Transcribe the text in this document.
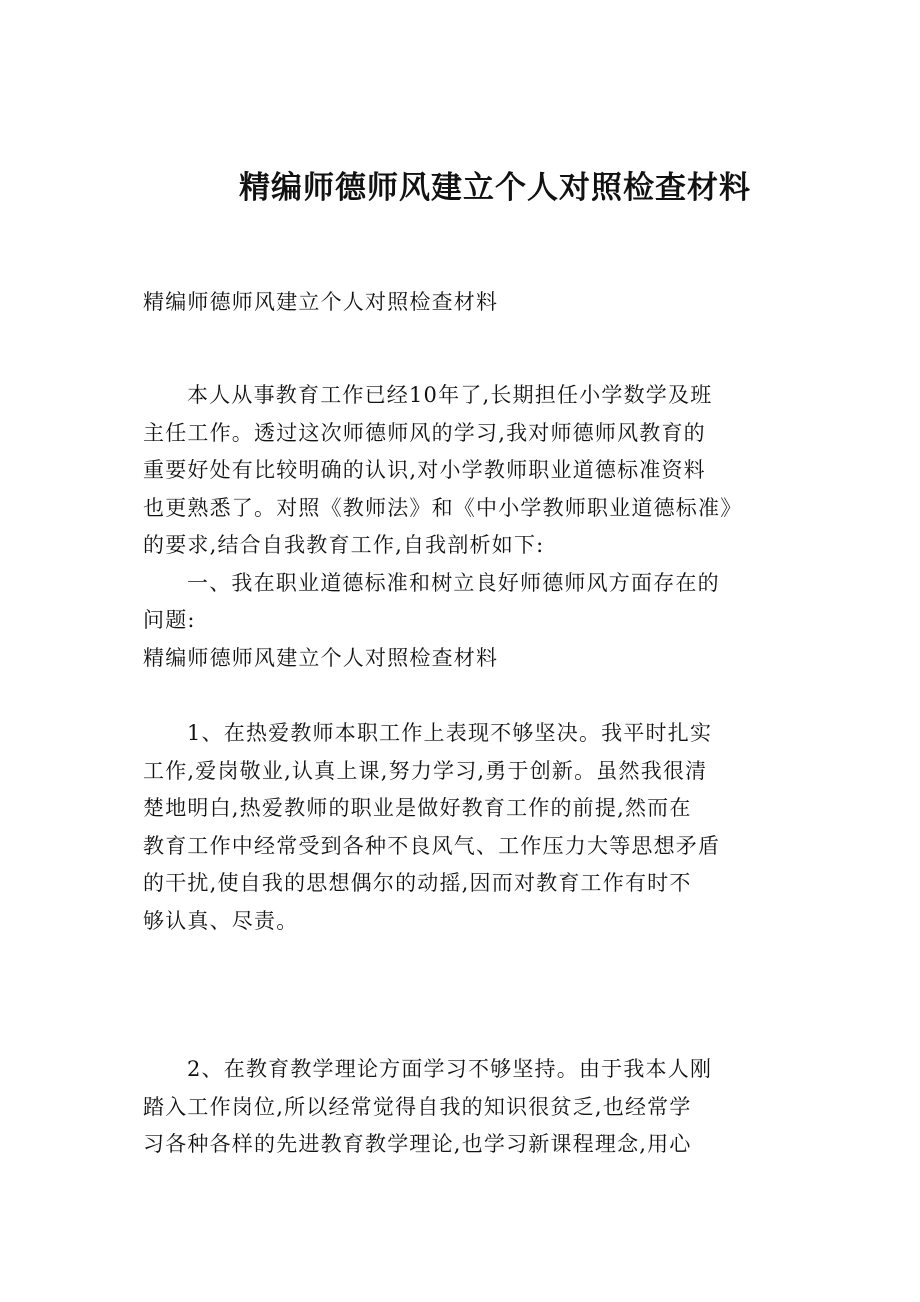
精编师德师风建立个人对照检查材料
精编师德师风建立个人对照检查材料
本人从事教育工作已经10年了,长期担任小学数学及班
主任工作。透过这次师德师风的学习,我对师德师风教育的
重要好处有比较明确的认识,对小学教师职业道德标准资料
也更熟悉了。对照《教师法》和《中小学教师职业道德标准》
的要求,结合自我教育工作,自我剖析如下:
一、我在职业道德标准和树立良好师德师风方面存在的
问题:
精编师德师风建立个人对照检查材料
1、在热爱教师本职工作上表现不够坚决。我平时扎实
工作,爱岗敬业,认真上课,努力学习,勇于创新。虽然我很清
楚地明白,热爱教师的职业是做好教育工作的前提,然而在
教育工作中经常受到各种不良风气、工作压力大等思想矛盾
的干扰,使自我的思想偶尔的动摇,因而对教育工作有时不
够认真、尽责。
2、在教育教学理论方面学习不够坚持。由于我本人刚
踏入工作岗位,所以经常觉得自我的知识很贫乏,也经常学
习各种各样的先进教育教学理论,也学习新课程理念,用心
